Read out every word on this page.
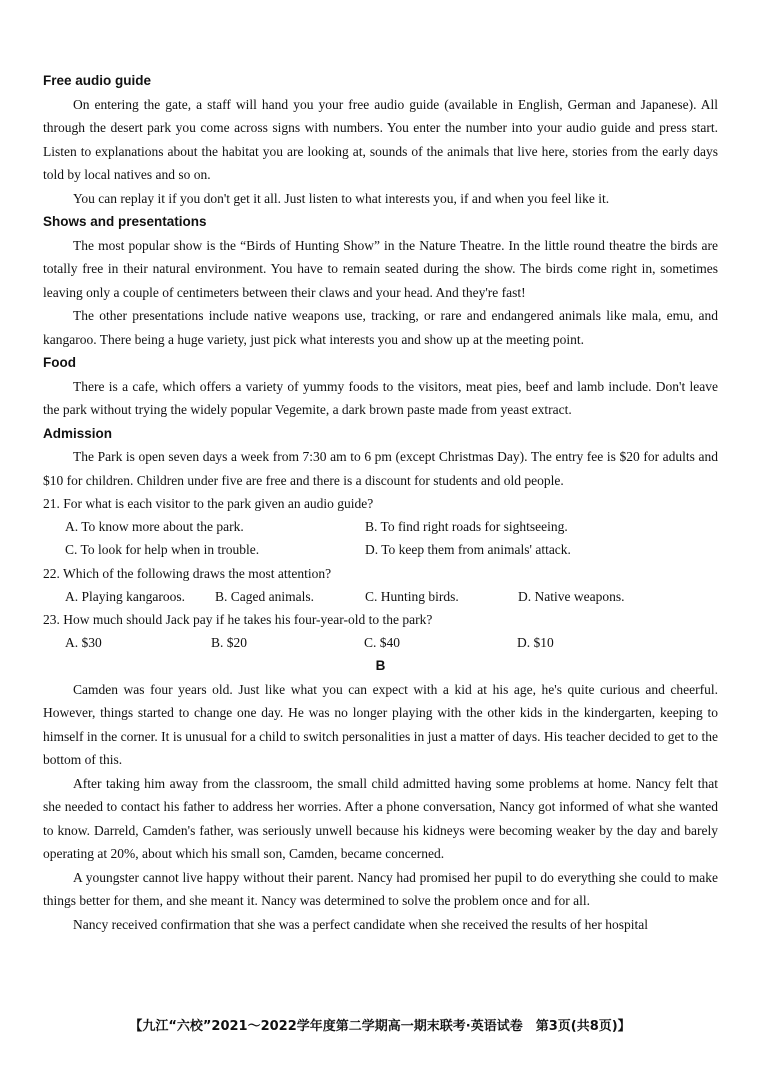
Free audio guide

On entering the gate, a staff will hand you your free audio guide (available in English, German and Japanese). All through the desert park you come across signs with numbers. You enter the number into your audio guide and press start. Listen to explanations about the habitat you are looking at, sounds of the animals that live here, stories from the early days told by local natives and so on.

You can replay it if you don't get it all. Just listen to what interests you, if and when you feel like it.

Shows and presentations

The most popular show is the “Birds of Hunting Show” in the Nature Theatre. In the little round theatre the birds are totally free in their natural environment. You have to remain seated during the show. The birds come right in, sometimes leaving only a couple of centimeters between their claws and your head. And they're fast!

The other presentations include native weapons use, tracking, or rare and endangered animals like mala, emu, and kangaroo. There being a huge variety, just pick what interests you and show up at the meeting point.

Food

There is a cafe, which offers a variety of yummy foods to the visitors, meat pies, beef and lamb include. Don't leave the park without trying the widely popular Vegemite, a dark brown paste made from yeast extract.

Admission

The Park is open seven days a week from 7:30 am to 6 pm (except Christmas Day). The entry fee is $20 for adults and $10 for children. Children under five are free and there is a discount for students and old people.

21. For what is each visitor to the park given an audio guide?

A. To know more about the park.	B. To find right roads for sightseeing.
C. To look for help when in trouble.	D. To keep them from animals' attack.

22. Which of the following draws the most attention?

A. Playing kangaroos.	B. Caged animals.	C. Hunting birds.	D. Native weapons.

23. How much should Jack pay if he takes his four-year-old to the park?

A. $30	B. $20	C. $40	D. $10

B

Camden was four years old. Just like what you can expect with a kid at his age, he's quite curious and cheerful. However, things started to change one day. He was no longer playing with the other kids in the kindergarten, keeping to himself in the corner. It is unusual for a child to switch personalities in just a matter of days. His teacher decided to get to the bottom of this.

After taking him away from the classroom, the small child admitted having some problems at home. Nancy felt that she needed to contact his father to address her worries. After a phone conversation, Nancy got informed of what she wanted to know. Darreld, Camden's father, was seriously unwell because his kidneys were becoming weaker by the day and barely operating at 20%, about which his small son, Camden, became concerned.

A youngster cannot live happy without their parent. Nancy had promised her pupil to do everything she could to make things better for them, and she meant it. Nancy was determined to solve the problem once and for all.

Nancy received confirmation that she was a perfect candidate when she received the results of her hospital

【九江“六校”2021～2022学年度第二学期高一期末联考·英语试卷　第3页(共8页)】
